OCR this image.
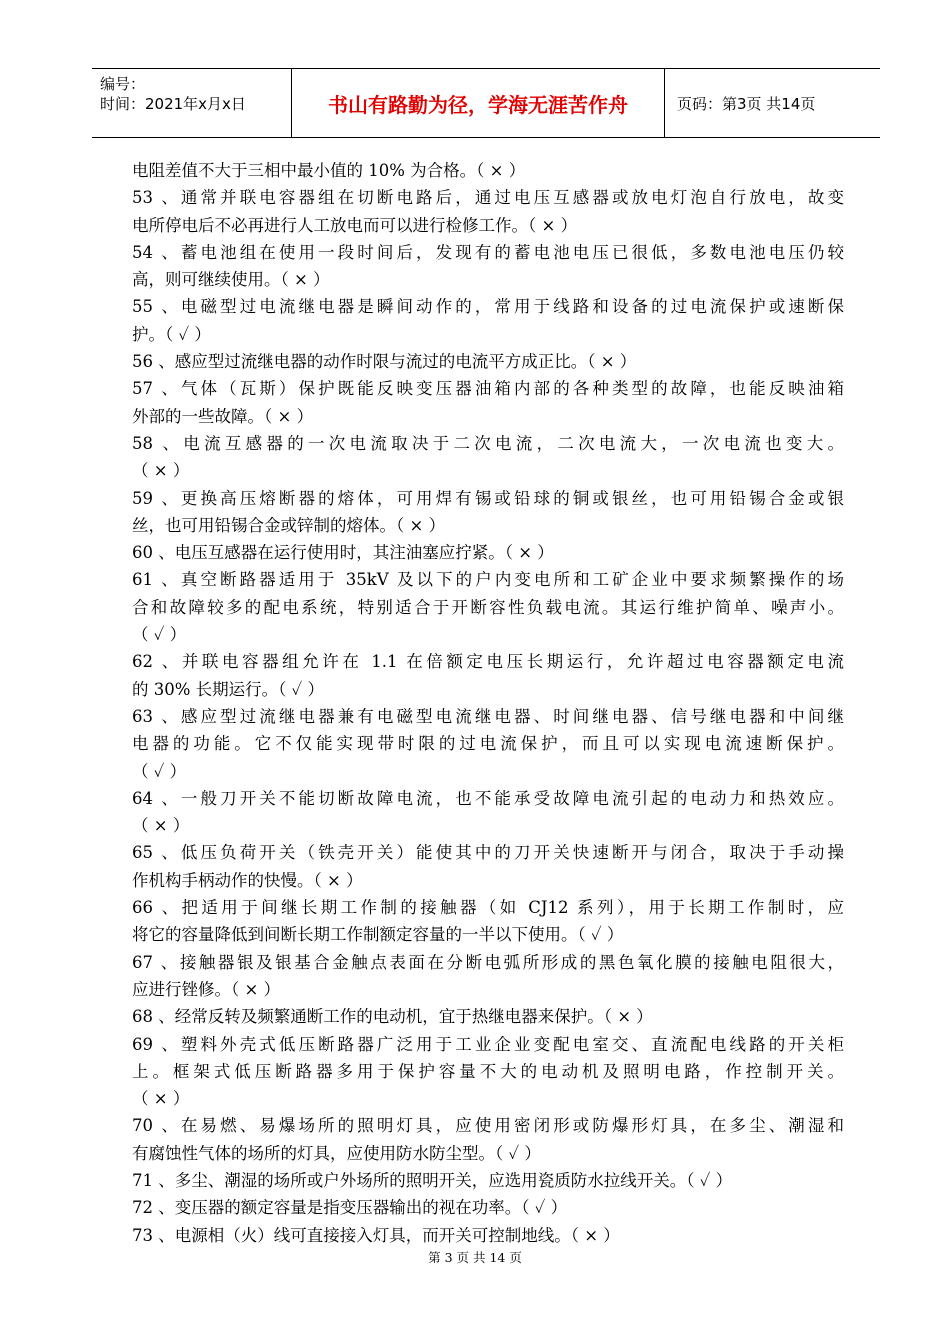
编号：
时间：2021年x月x日	书山有路勤为径，学海无涯苦作舟	页码：第3页 共14页
电阻差值不大于三相中最小值的 10% 为合格。（ × ）
53 、通常并联电容器组在切断电路后，通过电压互感器或放电灯泡自行放电，故变
电所停电后不必再进行人工放电而可以进行检修工作。（ × ）
54 、蓄电池组在使用一段时间后，发现有的蓄电池电压已很低，多数电池电压仍较
高，则可继续使用。（ × ）
55 、电磁型过电流继电器是瞬间动作的，常用于线路和设备的过电流保护或速断保
护。（ ✓ ）
56 、感应型过流继电器的动作时限与流过的电流平方成正比。（ × ）
57 、气体（瓦斯）保护既能反映变压器油箱内部的各种类型的故障，也能反映油箱
外部的一些故障。（ × ）
58 、电流互感器的一次电流取决于二次电流，二次电流大，一次电流也变大。
（ × ）
59 、更换高压熔断器的熔体，可用焊有锡或铅球的铜或银丝，也可用铅锡合金或银
丝，也可用铅锡合金或锌制的熔体。（ × ）
60 、电压互感器在运行使用时，其注油塞应拧紧。（ × ）
61 、真空断路器适用于 35kV 及以下的户内变电所和工矿企业中要求频繁操作的场
合和故障较多的配电系统，特别适合于开断容性负载电流。其运行维护简单、噪声小。
（ ✓ ）
62 、并联电容器组允许在 1.1 在倍额定电压长期运行，允许超过电容器额定电流
的 30% 长期运行。（ ✓ ）
63 、感应型过流继电器兼有电磁型电流继电器、时间继电器、信号继电器和中间继
电器的功能。它不仅能实现带时限的过电流保护，而且可以实现电流速断保护。
（ ✓ ）
64 、一般刀开关不能切断故障电流，也不能承受故障电流引起的电动力和热效应。
（ × ）
65 、低压负荷开关（铁壳开关）能使其中的刀开关快速断开与闭合，取决于手动操
作机构手柄动作的快慢。（ × ）
66 、把适用于间继长期工作制的接触器（如 CJ12 系列），用于长期工作制时，应
将它的容量降低到间断长期工作制额定容量的一半以下使用。（ ✓ ）
67 、接触器银及银基合金触点表面在分断电弧所形成的黑色氧化膜的接触电阻很大，
应进行锉修。（ × ）
68 、经常反转及频繁通断工作的电动机，宜于热继电器来保护。（ × ）
69 、塑料外壳式低压断路器广泛用于工业企业变配电室交、直流配电线路的开关柜
上。框架式低压断路器多用于保护容量不大的电动机及照明电路，作控制开关。
（ × ）
70 、在易燃、易爆场所的照明灯具，应使用密闭形或防爆形灯具，在多尘、潮湿和
有腐蚀性气体的场所的灯具，应使用防水防尘型。（ ✓ ）
71 、多尘、潮湿的场所或户外场所的照明开关，应选用瓷质防水拉线开关。（ ✓ ）
72 、变压器的额定容量是指变压器输出的视在功率。（ ✓ ）
73 、电源相（火）线可直接接入灯具，而开关可控制地线。（ × ）
第 3 页 共 14 页
